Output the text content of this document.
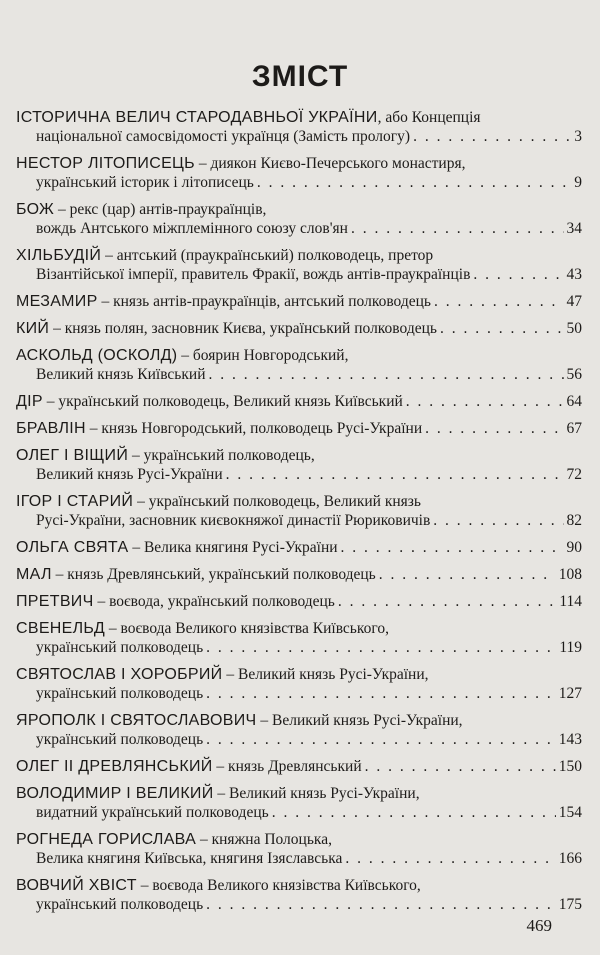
ЗМІСТ
ІСТОРИЧНА ВЕЛИЧ СТАРОДАВНЬОЇ УКРАЇНИ, або Концепція
національної самосвідомості українця (Замість прологу) . . .	3
НЕСТОР ЛІТОПИСЕЦЬ – диякон Києво-Печерського монастиря,
український історик і літописець . . .	9
БОЖ – рекс (цар) антів-праукраїнців,
вождь Антського міжплемінного союзу слов'ян . . .	34
ХІЛЬБУДІЙ – антський (праукраїнський) полководець, претор
Візантійської імперії, правитель Фракії, вождь антів-праукраїнців . . .	43
МЕЗАМИР – князь антів-праукраїнців, антський полководець . . .	47
КИЙ – князь полян, засновник Києва, український полководець . . .	50
АСКОЛЬД (ОСКОЛД) – боярин Новгородський,
Великий князь Київський . . .	56
ДІР – український полководець, Великий князь Київський . . .	64
БРАВЛІН – князь Новгородський, полководець Русі-України . . .	67
ОЛЕГ І ВІЩИЙ – український полководець,
Великий князь Русі-України . . .	72
ІГОР І СТАРИЙ – український полководець, Великий князь
Русі-України, засновник києвокняжої династії Рюриковичів . . .	82
ОЛЬГА СВЯТА – Велика княгиня Русі-України . . .	90
МАЛ – князь Древлянський, український полководець . . .	108
ПРЕТВИЧ – воєвода, український полководець . . .	114
СВЕНЕЛЬД – воєвода Великого князівства Київського,
український полководець . . .	119
СВЯТОСЛАВ І ХОРОБРИЙ – Великий князь Русі-України,
український полководець . . .	127
ЯРОПОЛК І СВЯТОСЛАВОВИЧ – Великий князь Русі-України,
український полководець . . .	143
ОЛЕГ ІІ ДРЕВЛЯНСЬКИЙ – князь Древлянський . . .	150
ВОЛОДИМИР І ВЕЛИКИЙ – Великий князь Русі-України,
видатний український полководець . . .	154
РОГНЕДА ГОРИСЛАВА – княжна Полоцька,
Велика княгиня Київська, княгиня Ізяславська . . .	166
ВОВЧИЙ ХВІСТ – воєвода Великого князівства Київського,
український полководець . . .	175
469
